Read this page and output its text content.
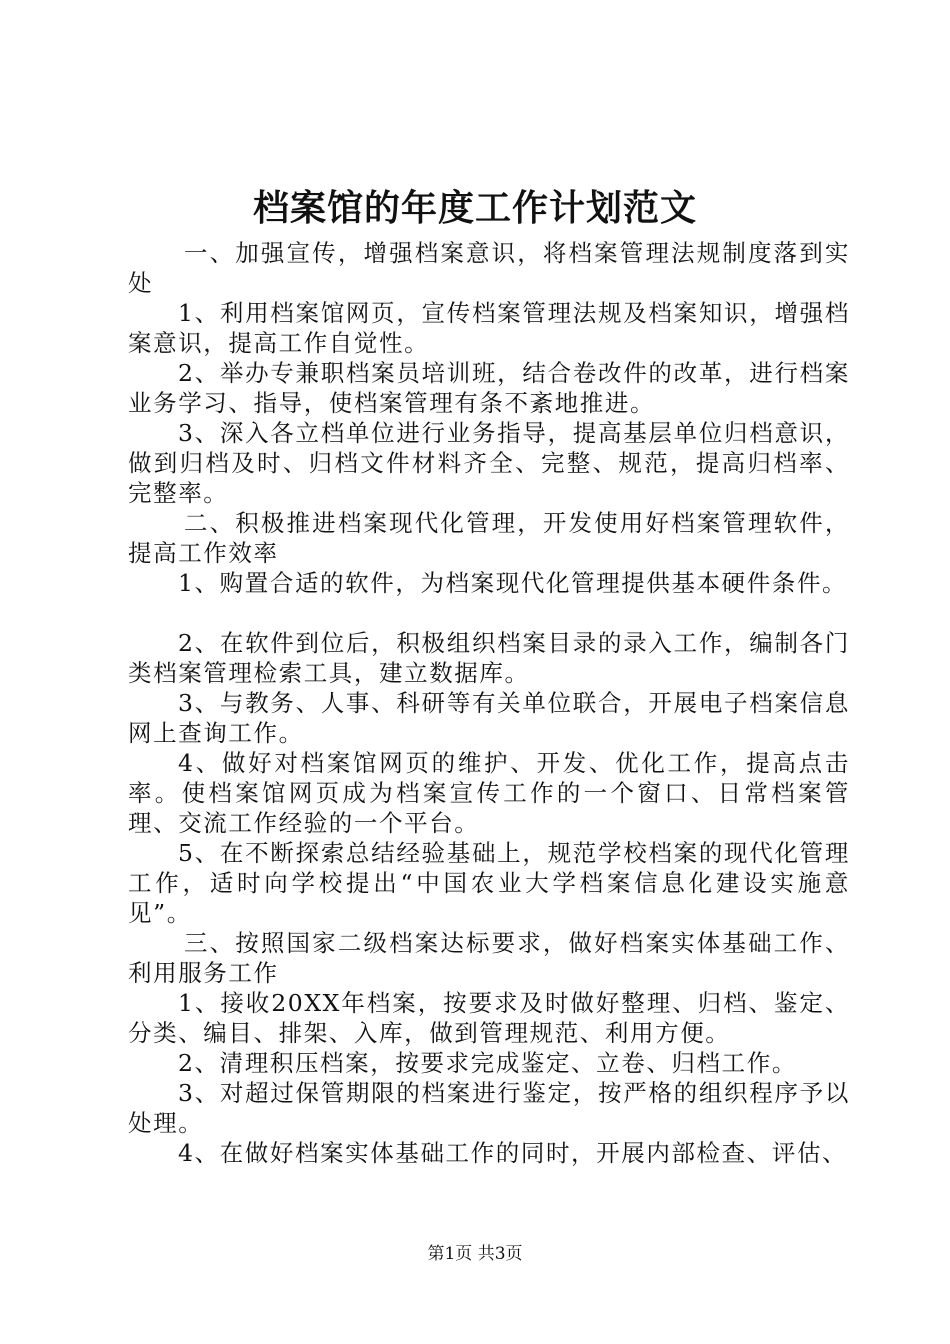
档案馆的年度工作计划范文

一、加强宣传，增强档案意识，将档案管理法规制度落到实处

1、利用档案馆网页，宣传档案管理法规及档案知识，增强档案意识，提高工作自觉性。

2、举办专兼职档案员培训班，结合卷改件的改革，进行档案业务学习、指导，使档案管理有条不紊地推进。

3、深入各立档单位进行业务指导，提高基层单位归档意识，做到归档及时、归档文件材料齐全、完整、规范，提高归档率、完整率。

二、积极推进档案现代化管理，开发使用好档案管理软件，提高工作效率

1、购置合适的软件，为档案现代化管理提供基本硬件条件。

2、在软件到位后，积极组织档案目录的录入工作，编制各门类档案管理检索工具，建立数据库。

3、与教务、人事、科研等有关单位联合，开展电子档案信息网上查询工作。

4、做好对档案馆网页的维护、开发、优化工作，提高点击率。使档案馆网页成为档案宣传工作的一个窗口、日常档案管理、交流工作经验的一个平台。

5、在不断探索总结经验基础上，规范学校档案的现代化管理工作，适时向学校提出“中国农业大学档案信息化建设实施意见”。

三、按照国家二级档案达标要求，做好档案实体基础工作、利用服务工作

1、接收20XX年档案，按要求及时做好整理、归档、鉴定、分类、编目、排架、入库，做到管理规范、利用方便。

2、清理积压档案，按要求完成鉴定、立卷、归档工作。

3、对超过保管期限的档案进行鉴定，按严格的组织程序予以处理。

4、在做好档案实体基础工作的同时，开展内部检查、评估、

第1页 共3页
